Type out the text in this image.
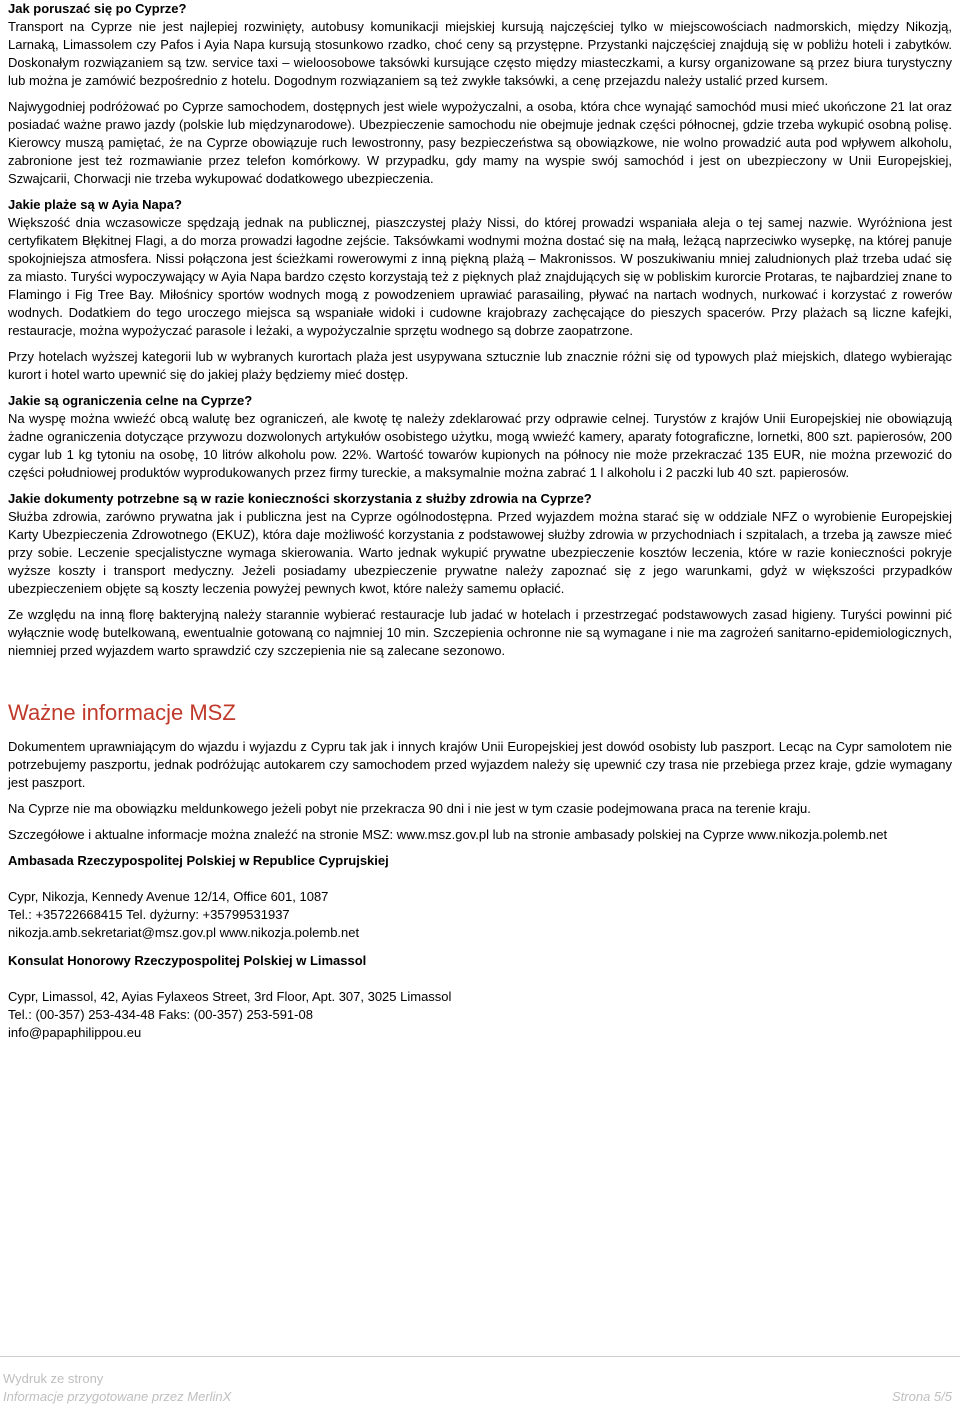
Jak poruszać się po Cyprze?

Transport na Cyprze nie jest najlepiej rozwinięty, autobusy komunikacji miejskiej kursują najczęściej tylko w miejscowościach nadmorskich, między Nikozją, Larnaką, Limassolem czy Pafos i Ayia Napa kursują stosunkowo rzadko, choć ceny są przystępne. Przystanki najczęściej znajdują się w pobliżu hoteli i zabytków. Doskonałym rozwiązaniem są tzw. service taxi – wieloosobowe taksówki kursujące często między miasteczkami, a kursy organizowane są przez biura turystyczny lub można je zamówić bezpośrednio z hotelu. Dogodnym rozwiązaniem są też zwykłe taksówki, a cenę przejazdu należy ustalić przed kursem.

Najwygodniej podróżować po Cyprze samochodem, dostępnych jest wiele wypożyczalni, a osoba, która chce wynająć samochód musi mieć ukończone 21 lat oraz posiadać ważne prawo jazdy (polskie lub międzynarodowe). Ubezpieczenie samochodu nie obejmuje jednak części północnej, gdzie trzeba wykupić osobną polisę. Kierowcy muszą pamiętać, że na Cyprze obowiązuje ruch lewostronny, pasy bezpieczeństwa są obowiązkowe, nie wolno prowadzić auta pod wpływem alkoholu, zabronione jest też rozmawianie przez telefon komórkowy. W przypadku, gdy mamy na wyspie swój samochód i jest on ubezpieczony w Unii Europejskiej, Szwajcarii, Chorwacji nie trzeba wykupować dodatkowego ubezpieczenia.

Jakie plaże są w Ayia Napa?

Większość dnia wczasowicze spędzają jednak na publicznej, piaszczystej plaży Nissi, do której prowadzi wspaniała aleja o tej samej nazwie. Wyróżniona jest certyfikatem Błękitnej Flagi, a do morza prowadzi łagodne zejście. Taksówkami wodnymi można dostać się na małą, leżącą naprzeciwko wysepkę, na której panuje spokojniejsza atmosfera. Nissi połączona jest ścieżkami rowerowymi z inną piękną plażą – Makronissos. W poszukiwaniu mniej zaludnionych plaż trzeba udać się za miasto. Turyści wypoczywający w Ayia Napa bardzo często korzystają też z pięknych plaż znajdujących się w pobliskim kurorcie Protaras, te najbardziej znane to Flamingo i Fig Tree Bay. Miłośnicy sportów wodnych mogą z powodzeniem uprawiać parasailing, pływać na nartach wodnych, nurkować i korzystać z rowerów wodnych. Dodatkiem do tego uroczego miejsca są wspaniałe widoki i cudowne krajobrazy zachęcające do pieszych spacerów. Przy plażach są liczne kafejki, restauracje, można wypożyczać parasole i leżaki, a wypożyczalnie sprzętu wodnego są dobrze zaopatrzone.

Przy hotelach wyższej kategorii lub w wybranych kurortach plaża jest usypywana sztucznie lub znacznie różni się od typowych plaż miejskich, dlatego wybierając kurort i hotel warto upewnić się do jakiej plaży będziemy mieć dostęp.

Jakie są ograniczenia celne na Cyprze?

Na wyspę można wwieźć obcą walutę bez ograniczeń, ale kwotę tę należy zdeklarować przy odprawie celnej. Turystów z krajów Unii Europejskiej nie obowiązują żadne ograniczenia dotyczące przywozu dozwolonych artykułów osobistego użytku, mogą wwieźć kamery, aparaty fotograficzne, lornetki, 800 szt. papierosów, 200 cygar lub 1 kg tytoniu na osobę, 10 litrów alkoholu pow. 22%. Wartość towarów kupionych na północy nie może przekraczać 135 EUR, nie można przewozić do części południowej produktów wyprodukowanych przez firmy tureckie, a maksymalnie można zabrać 1 l alkoholu i 2 paczki lub 40 szt. papierosów.

Jakie dokumenty potrzebne są w razie konieczności skorzystania z służby zdrowia na Cyprze?

Służba zdrowia, zarówno prywatna jak i publiczna jest na Cyprze ogólnodostępna. Przed wyjazdem można starać się w oddziale NFZ o wyrobienie Europejskiej Karty Ubezpieczenia Zdrowotnego (EKUZ), która daje możliwość korzystania z podstawowej służby zdrowia w przychodniach i szpitalach, a trzeba ją zawsze mieć przy sobie. Leczenie specjalistyczne wymaga skierowania. Warto jednak wykupić prywatne ubezpieczenie kosztów leczenia, które w razie konieczności pokryje wyższe koszty i transport medyczny. Jeżeli posiadamy ubezpieczenie prywatne należy zapoznać się z jego warunkami, gdyż w większości przypadków ubezpieczeniem objęte są koszty leczenia powyżej pewnych kwot, które należy samemu opłacić.

Ze względu na inną florę bakteryjną należy starannie wybierać restauracje lub jadać w hotelach i przestrzegać podstawowych zasad higieny. Turyści powinni pić wyłącznie wodę butelkowaną, ewentualnie gotowaną co najmniej 10 min. Szczepienia ochronne nie są wymagane i nie ma zagrożeń sanitarno-epidemiologicznych, niemniej przed wyjazdem warto sprawdzić czy szczepienia nie są zalecane sezonowo.

Ważne informacje MSZ

Dokumentem uprawniającym do wjazdu i wyjazdu z Cypru tak jak i innych krajów Unii Europejskiej jest dowód osobisty lub paszport. Lecąc na Cypr samolotem nie potrzebujemy paszportu, jednak podróżując autokarem czy samochodem przed wyjazdem należy się upewnić czy trasa nie przebiega przez kraje, gdzie wymagany jest paszport.

Na Cyprze nie ma obowiązku meldunkowego jeżeli pobyt nie przekracza 90 dni i nie jest w tym czasie podejmowana praca na terenie kraju.

Szczegółowe i aktualne informacje można znaleźć na stronie MSZ: www.msz.gov.pl lub na stronie ambasady polskiej na Cyprze www.nikozja.polemb.net

Ambasada Rzeczypospolitej Polskiej w Republice Cyprujskiej
Cypr, Nikozja, Kennedy Avenue 12/14, Office 601, 1087
Tel.: +35722668415 Tel. dyżurny: +35799531937
nikozja.amb.sekretariat@msz.gov.pl www.nikozja.polemb.net
Konsulat Honorowy Rzeczypospolitej Polskiej w Limassol
Cypr, Limassol, 42, Ayias Fylaxeos Street, 3rd Floor, Apt. 307, 3025 Limassol
Tel.: (00-357) 253-434-48 Faks: (00-357) 253-591-08
info@papaphilippou.eu
Wydruk ze strony
Informacje przygotowane przez MerlinX	Strona 5/5
